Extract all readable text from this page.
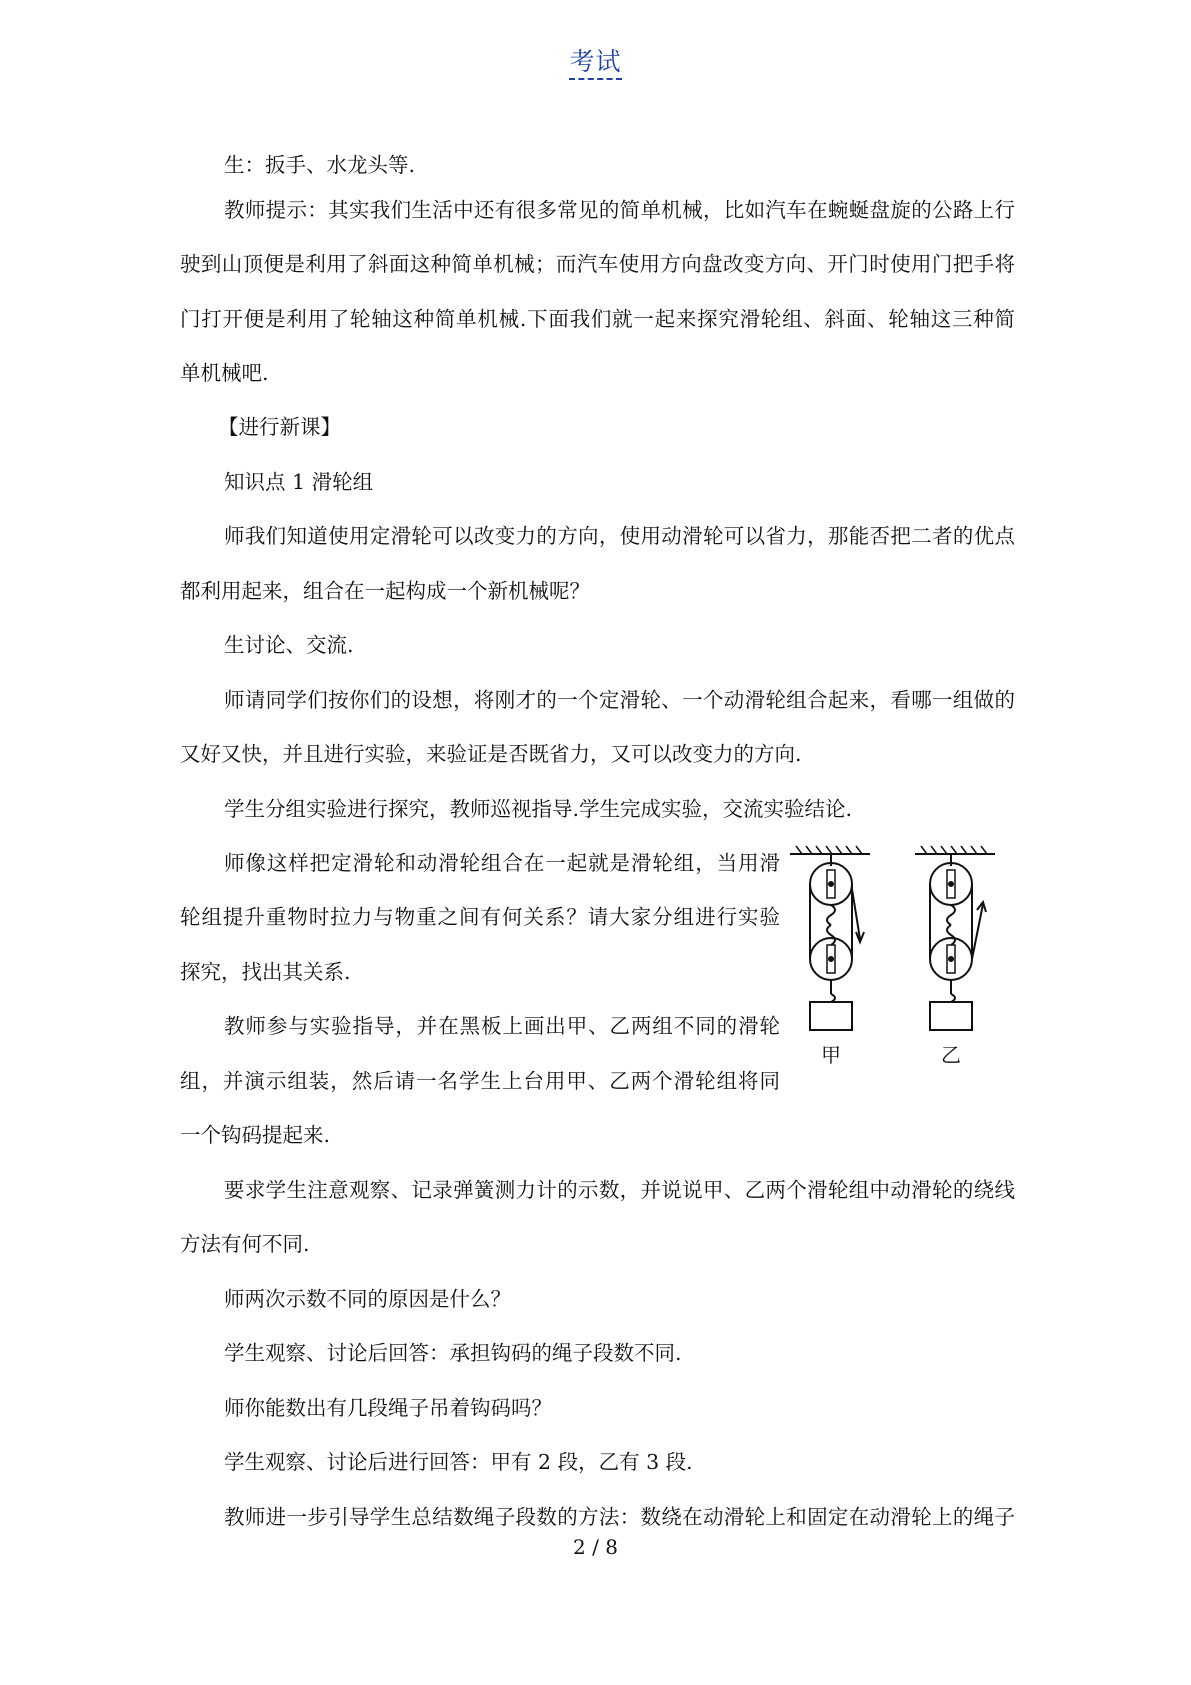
考试
生：扳手、水龙头等.
教师提示：其实我们生活中还有很多常见的简单机械，比如汽车在蜿蜒盘旋的公路上行
驶到山顶便是利用了斜面这种简单机械；而汽车使用方向盘改变方向、开门时使用门把手将
门打开便是利用了轮轴这种简单机械.下面我们就一起来探究滑轮组、斜面、轮轴这三种简
单机械吧.
【进行新课】
知识点 1 滑轮组
师我们知道使用定滑轮可以改变力的方向，使用动滑轮可以省力，那能否把二者的优点
都利用起来，组合在一起构成一个新机械呢？
生讨论、交流.
师请同学们按你们的设想，将刚才的一个定滑轮、一个动滑轮组合起来，看哪一组做的
又好又快，并且进行实验，来验证是否既省力，又可以改变力的方向.
学生分组实验进行探究，教师巡视指导.学生完成实验，交流实验结论.
师像这样把定滑轮和动滑轮组合在一起就是滑轮组，当用滑
轮组提升重物时拉力与物重之间有何关系？请大家分组进行实验
探究，找出其关系.
教师参与实验指导，并在黑板上画出甲、乙两组不同的滑轮
组，并演示组装，然后请一名学生上台用甲、乙两个滑轮组将同
一个钩码提起来.
要求学生注意观察、记录弹簧测力计的示数，并说说甲、乙两个滑轮组中动滑轮的绕线
方法有何不同.
师两次示数不同的原因是什么？
学生观察、讨论后回答：承担钩码的绳子段数不同.
师你能数出有几段绳子吊着钩码吗？
学生观察、讨论后进行回答：甲有 2 段，乙有 3 段.
教师进一步引导学生总结数绳子段数的方法：数绕在动滑轮上和固定在动滑轮上的绳子
甲	乙
2 / 8
